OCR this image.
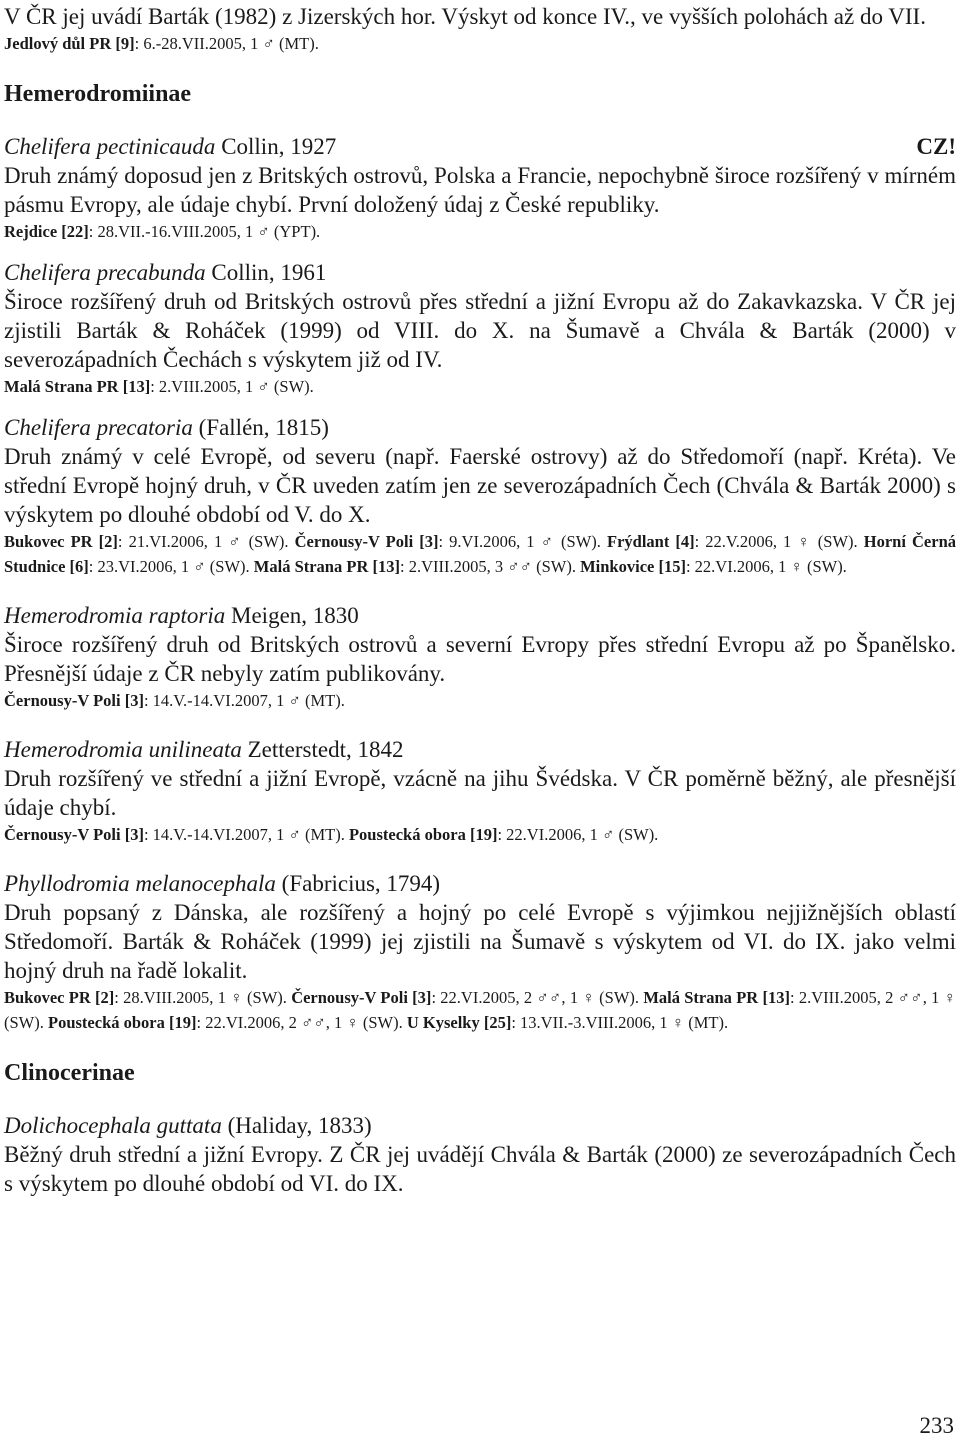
V ČR jej uvádí Barták (1982) z Jizerských hor. Výskyt od konce IV., ve vyšších polohách až do VII.

Jedlový důl PR [9]: 6.-28.VII.2005, 1 ♂ (MT).

Hemerodromiinae

CZ!
Chelifera pectinicauda Collin, 1927

Druh známý doposud jen z Britských ostrovů, Polska a Francie, nepochybně široce rozšířený v mírném pásmu Evropy, ale údaje chybí. První doložený údaj z České republiky.

Rejdice [22]: 28.VII.-16.VIII.2005, 1 ♂ (YPT).

Chelifera precabunda Collin, 1961

Široce rozšířený druh od Britských ostrovů přes střední a jižní Evropu až do Zakavkazska. V ČR jej zjistili Barták & Roháček (1999) od VIII. do X. na Šumavě a Chvála & Barták (2000) v severozápadních Čechách s výskytem již od IV.

Malá Strana PR [13]: 2.VIII.2005, 1 ♂ (SW).

Chelifera precatoria (Fallén, 1815)

Druh známý v celé Evropě, od severu (např. Faerské ostrovy) až do Středomoří (např. Kréta). Ve střední Evropě hojný druh, v ČR uveden zatím jen ze severozápadních Čech (Chvála & Barták 2000) s výskytem po dlouhé období od V. do X.

Bukovec PR [2]: 21.VI.2006, 1 ♂ (SW). Černousy-V Poli [3]: 9.VI.2006, 1 ♂ (SW). Frýdlant [4]: 22.V.2006, 1 ♀ (SW). Horní Černá Studnice [6]: 23.VI.2006, 1 ♂ (SW). Malá Strana PR [13]: 2.VIII.2005, 3 ♂♂ (SW). Minkovice [15]: 22.VI.2006, 1 ♀ (SW).

Hemerodromia raptoria Meigen, 1830

Široce rozšířený druh od Britských ostrovů a severní Evropy přes střední Evropu až po Španělsko. Přesnější údaje z ČR nebyly zatím publikovány.

Černousy-V Poli [3]: 14.V.-14.VI.2007, 1 ♂ (MT).

Hemerodromia unilineata Zetterstedt, 1842

Druh rozšířený ve střední a jižní Evropě, vzácně na jihu Švédska. V ČR poměrně běžný, ale přesnější údaje chybí.

Černousy-V Poli [3]: 14.V.-14.VI.2007, 1 ♂ (MT). Poustecká obora [19]: 22.VI.2006, 1 ♂ (SW).

Phyllodromia melanocephala (Fabricius, 1794)

Druh popsaný z Dánska, ale rozšířený a hojný po celé Evropě s výjimkou nejjižnějších oblastí Středomoří. Barták & Roháček (1999) jej zjistili na Šumavě s výskytem od VI. do IX. jako velmi hojný druh na řadě lokalit.

Bukovec PR [2]: 28.VIII.2005, 1 ♀ (SW). Černousy-V Poli [3]: 22.VI.2005, 2 ♂♂, 1 ♀ (SW). Malá Strana PR [13]: 2.VIII.2005, 2 ♂♂, 1 ♀ (SW). Poustecká obora [19]: 22.VI.2006, 2 ♂♂, 1 ♀ (SW). U Kyselky [25]: 13.VII.-3.VIII.2006, 1 ♀ (MT).

Clinocerinae

Dolichocephala guttata (Haliday, 1833)

Běžný druh střední a jižní Evropy. Z ČR jej uvádějí Chvála & Barták (2000) ze severozápadních Čech s výskytem po dlouhé období od VI. do IX.

233
